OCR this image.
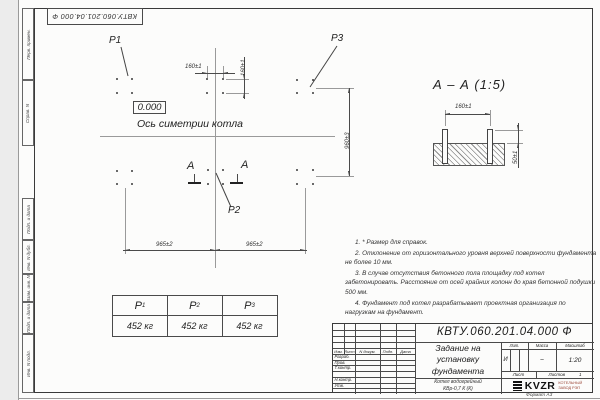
Перв. примен.
Справ. N
Подп. и дата
Инв. N дубл.
Взам. инв. N
Подп. и дата
Инв. N подл.
КВТУ.060.201.04.000 Ф
P1	P3
P2
0.000
Ось симетрии котла
160±1	160±1
960±3
965±2	965±2
А	А
А – А (1:5)
160±1
50±1

1. * Размер для справок.

2. Отклонение от горизонтального уровня верхней поверхности фундамента не более 10 мм.

3. В случае отсутствия бетонного пола площадку под котел забетонировать. Расстояние от осей крайних колонн до края бетонной подушки 500 мм.

4. Фундамент под котел разрабатывает проектная организация по нагрузкам на фундамент.

P 1	P 2	P 3
452 кг	452 кг	452 кг
КВТУ.060.201.04.000 Ф
Изм. Лист N докум. Подп. Дата
Разраб.
Пров.
Т.контр.
Н.контр.
Утв.
Задание на
установку
фундамента
Котел водогрейный
КВр-0,7 К (К)
Лит.	Масса	Масштаб
И	–	1:20
Лист	Листов	1
KVZR КОТЕЛЬНЫЙ
ЗАВОД РЭП
Формат А3
